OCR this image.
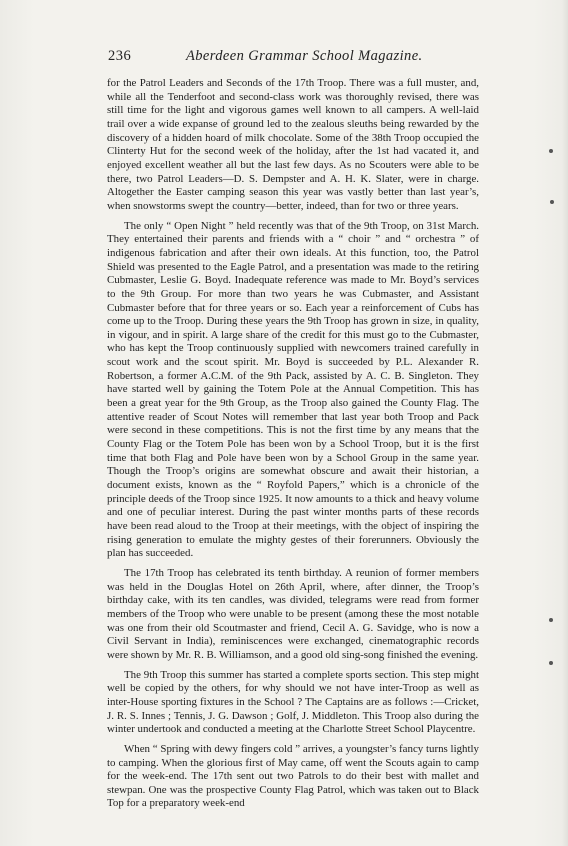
236	Aberdeen Grammar School Magazine.

for the Patrol Leaders and Seconds of the 17th Troop. There was a full muster, and, while all the Tenderfoot and second-class work was thoroughly revised, there was still time for the light and vigorous games well known to all campers. A well-laid trail over a wide expanse of ground led to the zealous sleuths being rewarded by the discovery of a hidden hoard of milk chocolate. Some of the 38th Troop occupied the Clinterty Hut for the second week of the holiday, after the 1st had vacated it, and enjoyed excellent weather all but the last few days. As no Scouters were able to be there, two Patrol Leaders—D. S. Dempster and A. H. K. Slater, were in charge. Altogether the Easter camping season this year was vastly better than last year’s, when snowstorms swept the country—better, indeed, than for two or three years.

The only “ Open Night ” held recently was that of the 9th Troop, on 31st March. They entertained their parents and friends with a “ choir ” and “ orchestra ” of indigenous fabrication and after their own ideals. At this function, too, the Patrol Shield was presented to the Eagle Patrol, and a presentation was made to the retiring Cubmaster, Leslie G. Boyd. Inadequate reference was made to Mr. Boyd’s services to the 9th Group. For more than two years he was Cubmaster, and Assistant Cubmaster before that for three years or so. Each year a reinforcement of Cubs has come up to the Troop. During these years the 9th Troop has grown in size, in quality, in vigour, and in spirit. A large share of the credit for this must go to the Cubmaster, who has kept the Troop continuously supplied with newcomers trained carefully in scout work and the scout spirit. Mr. Boyd is succeeded by P.L. Alexander R. Robertson, a former A.C.M. of the 9th Pack, assisted by A. C. B. Singleton. They have started well by gaining the Totem Pole at the Annual Competition. This has been a great year for the 9th Group, as the Troop also gained the County Flag. The attentive reader of Scout Notes will remember that last year both Troop and Pack were second in these competitions. This is not the first time by any means that the County Flag or the Totem Pole has been won by a School Troop, but it is the first time that both Flag and Pole have been won by a School Group in the same year. Though the Troop’s origins are somewhat obscure and await their historian, a document exists, known as the “ Royfold Papers,” which is a chronicle of the principle deeds of the Troop since 1925. It now amounts to a thick and heavy volume and one of peculiar interest. During the past winter months parts of these records have been read aloud to the Troop at their meetings, with the object of inspiring the rising generation to emulate the mighty gestes of their forerunners. Obviously the plan has succeeded.

The 17th Troop has celebrated its tenth birthday. A reunion of former members was held in the Douglas Hotel on 26th April, where, after dinner, the Troop’s birthday cake, with its ten candles, was divided, telegrams were read from former members of the Troop who were unable to be present (among these the most notable was one from their old Scoutmaster and friend, Cecil A. G. Savidge, who is now a Civil Servant in India), reminiscences were exchanged, cinematographic records were shown by Mr. R. B. Williamson, and a good old sing-song finished the evening.

The 9th Troop this summer has started a complete sports section. This step might well be copied by the others, for why should we not have inter-Troop as well as inter-House sporting fixtures in the School ? The Captains are as follows :—Cricket, J. R. S. Innes ; Tennis, J. G. Dawson ; Golf, J. Middleton. This Troop also during the winter undertook and conducted a meeting at the Charlotte Street School Playcentre.

When “ Spring with dewy fingers cold ” arrives, a youngster’s fancy turns lightly to camping. When the glorious first of May came, off went the Scouts again to camp for the week-end. The 17th sent out two Patrols to do their best with mallet and stewpan. One was the prospective County Flag Patrol, which was taken out to Black Top for a preparatory week-end
